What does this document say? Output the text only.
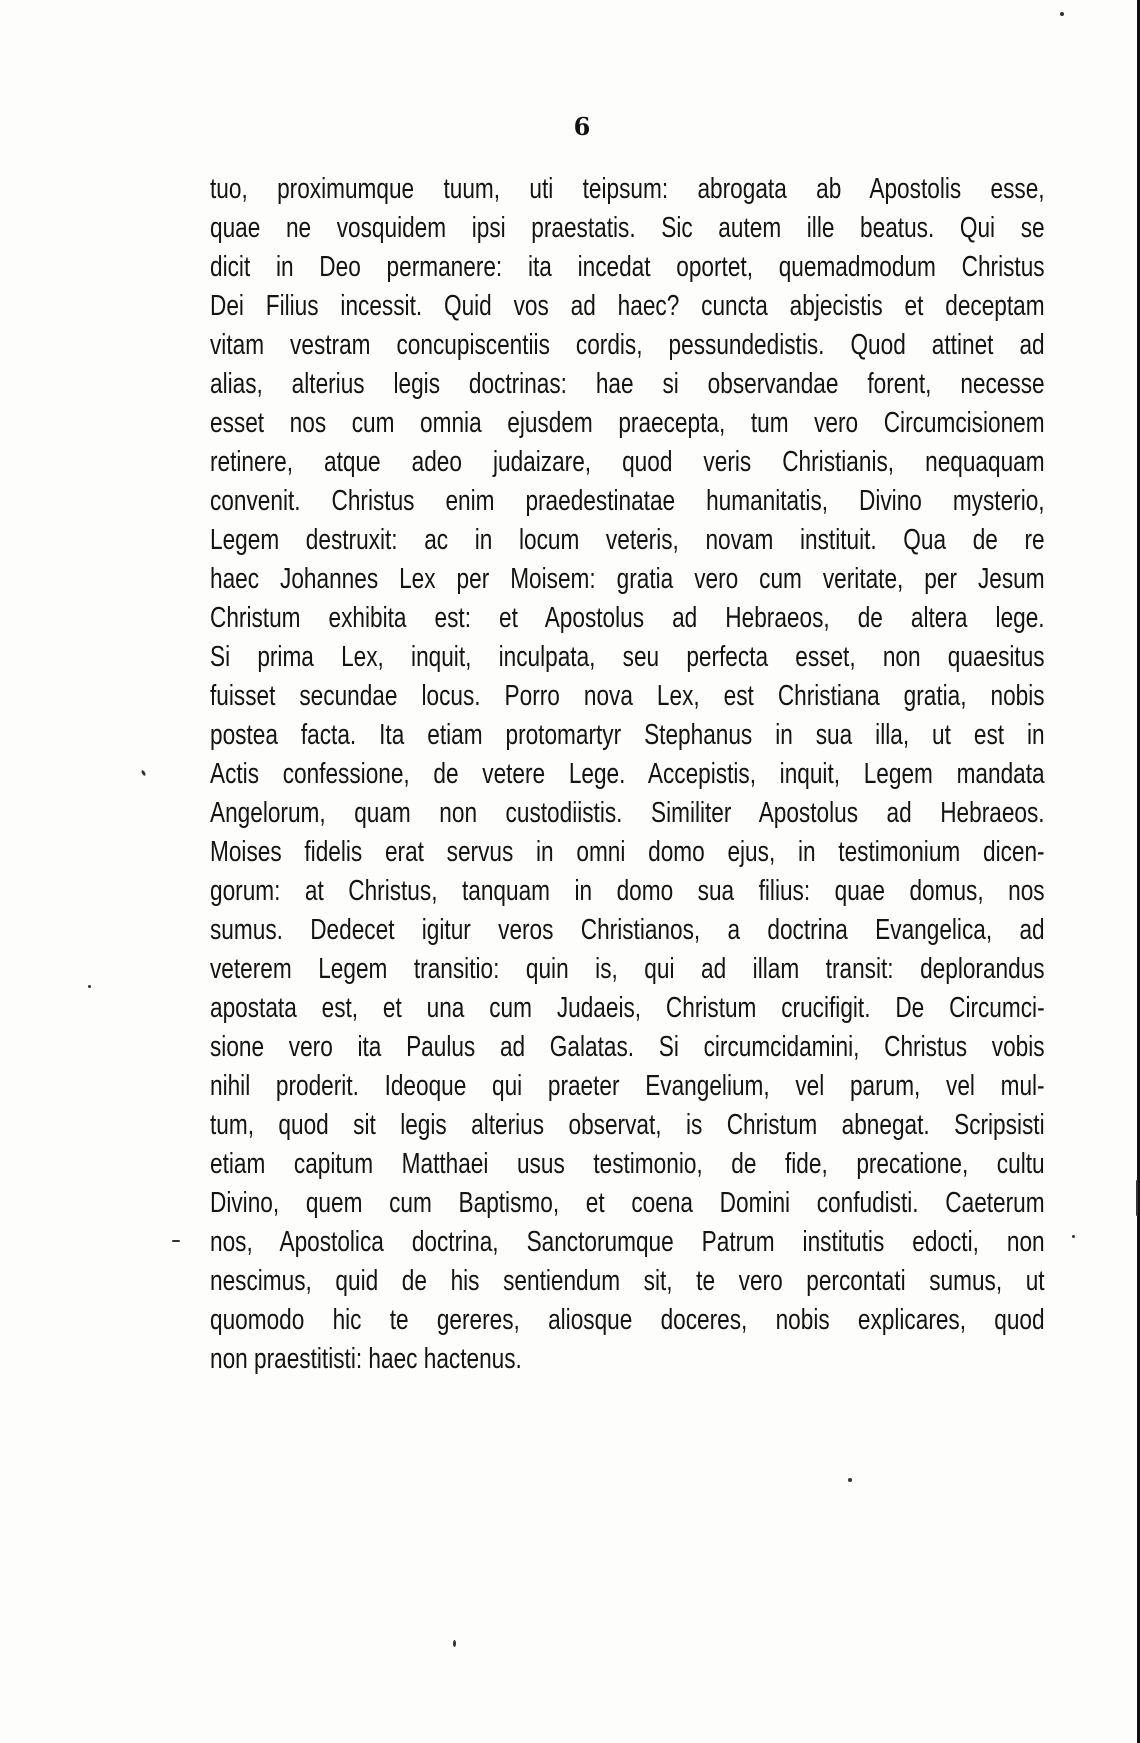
6
tuo, proximumque tuum, uti teipsum: abrogata ab Apostolis esse,
quae ne vosquidem ipsi praestatis. Sic autem ille beatus. Qui se
dicit in Deo permanere: ita incedat oportet, quemadmodum Christus
Dei Filius incessit. Quid vos ad haec? cuncta abjecistis et deceptam
vitam vestram concupiscentiis cordis, pessundedistis. Quod attinet ad
alias, alterius legis doctrinas: hae si observandae forent, necesse
esset nos cum omnia ejusdem praecepta, tum vero Circumcisionem
retinere, atque adeo judaizare, quod veris Christianis, nequaquam
convenit. Christus enim praedestinatae humanitatis, Divino mysterio,
Legem destruxit: ac in locum veteris, novam instituit. Qua de re
haec Johannes Lex per Moisem: gratia vero cum veritate, per Jesum
Christum exhibita est: et Apostolus ad Hebraeos, de altera lege.
Si prima Lex, inquit, inculpata, seu perfecta esset, non quaesitus
fuisset secundae locus. Porro nova Lex, est Christiana gratia, nobis
postea facta. Ita etiam protomartyr Stephanus in sua illa, ut est in
Actis confessione, de vetere Lege. Accepistis, inquit, Legem mandata
Angelorum, quam non custodiistis. Similiter Apostolus ad Hebraeos.
Moises fidelis erat servus in omni domo ejus, in testimonium dicen-
gorum: at Christus, tanquam in domo sua filius: quae domus, nos
sumus. Dedecet igitur veros Christianos, a doctrina Evangelica, ad
veterem Legem transitio: quin is, qui ad illam transit: deplorandus
apostata est, et una cum Judaeis, Christum crucifigit. De Circumci-
sione vero ita Paulus ad Galatas. Si circumcidamini, Christus vobis
nihil proderit. Ideoque qui praeter Evangelium, vel parum, vel mul-
tum, quod sit legis alterius observat, is Christum abnegat. Scripsisti
etiam capitum Matthaei usus testimonio, de fide, precatione, cultu
Divino, quem cum Baptismo, et coena Domini confudisti. Caeterum
nos, Apostolica doctrina, Sanctorumque Patrum institutis edocti, non
nescimus, quid de his sentiendum sit, te vero percontati sumus, ut
quomodo hic te gereres, aliosque doceres, nobis explicares, quod
non praestitisti: haec hactenus.
